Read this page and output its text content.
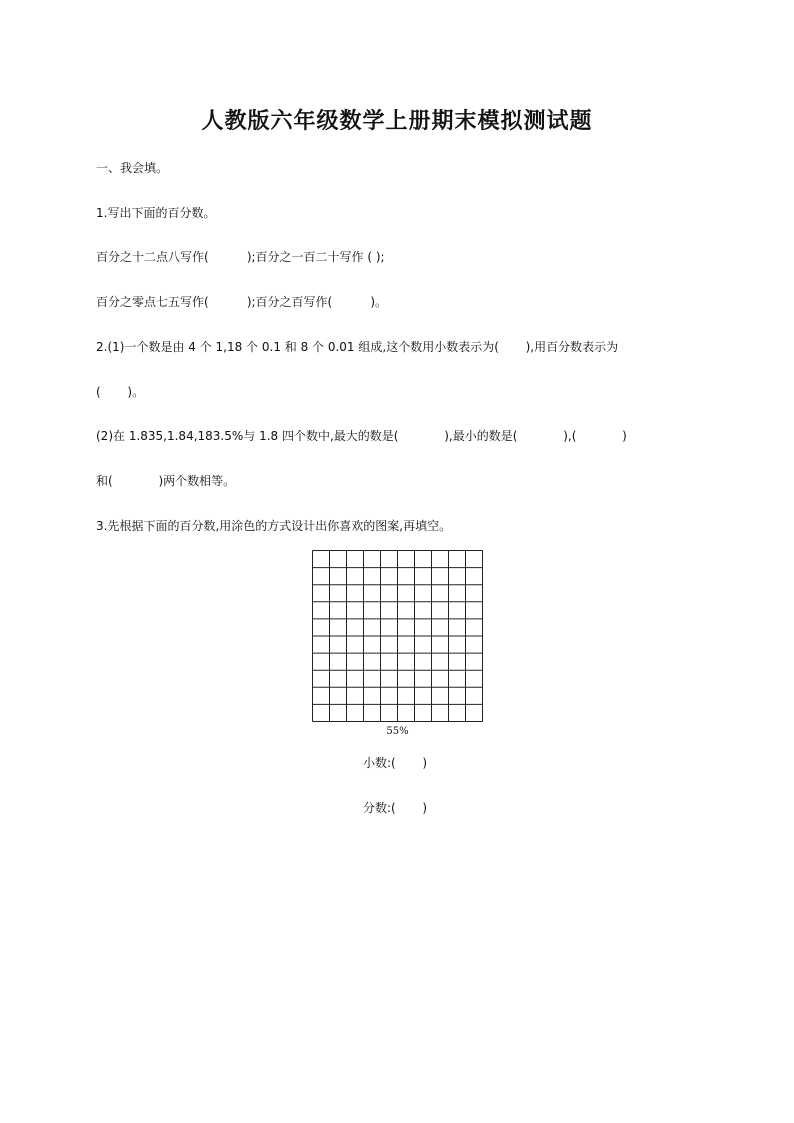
人教版六年级数学上册期末模拟测试题
一、我会填。
1.写出下面的百分数。
百分之十二点八写作(          );百分之一百二十写作 ( );
百分之零点七五写作(          );百分之百写作(          )。
2.(1)一个数是由 4 个 1,18 个 0.1 和 8 个 0.01 组成,这个数用小数表示为(       ),用百分数表示为
(       )。
(2)在 1.835,1.84,183.5%与 1.8 四个数中,最大的数是(            ),最小的数是(            ),(            )
和(            )两个数相等。
3.先根据下面的百分数,用涂色的方式设计出你喜欢的图案,再填空。
55%
小数:(       )
分数:(       )
